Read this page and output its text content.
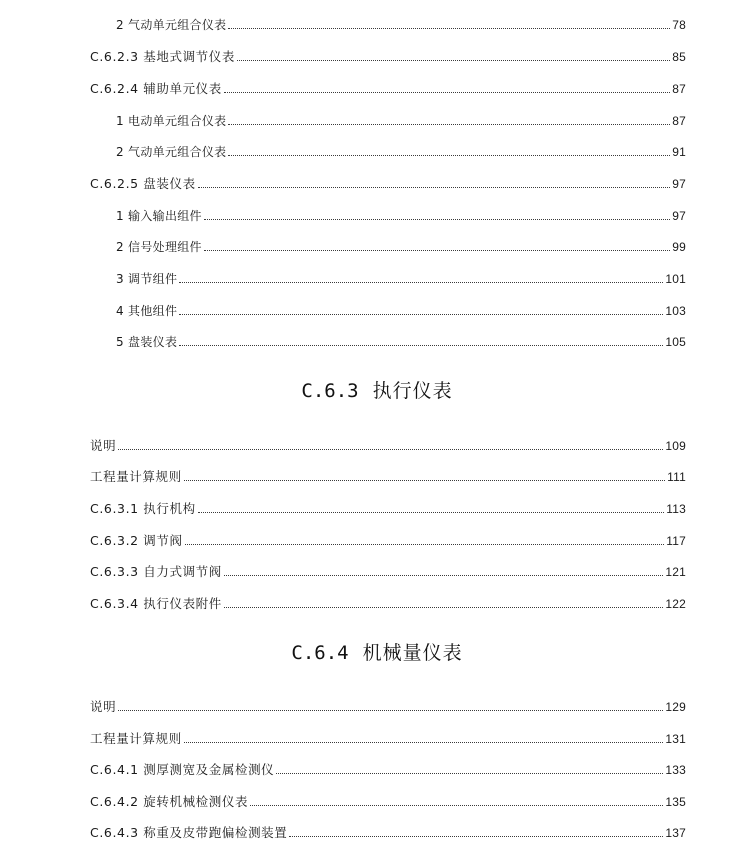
2 气动单元组合仪表	78
C.6.2.3 基地式调节仪表	85
C.6.2.4 辅助单元仪表	87
1 电动单元组合仪表	87
2 气动单元组合仪表	91
C.6.2.5 盘装仪表	97
1 输入输出组件	97
2 信号处理组件	99
3 调节组件	101
4 其他组件	103
5 盘装仪表	105
C.6.3 执行仪表
说明	109
工程量计算规则	111
C.6.3.1 执行机构	113
C.6.3.2 调节阀	117
C.6.3.3 自力式调节阀	121
C.6.3.4 执行仪表附件	122
C.6.4 机械量仪表
说明	129
工程量计算规则	131
C.6.4.1 测厚测宽及金属检测仪	133
C.6.4.2 旋转机械检测仪表	135
C.6.4.3 称重及皮带跑偏检测装置	137
